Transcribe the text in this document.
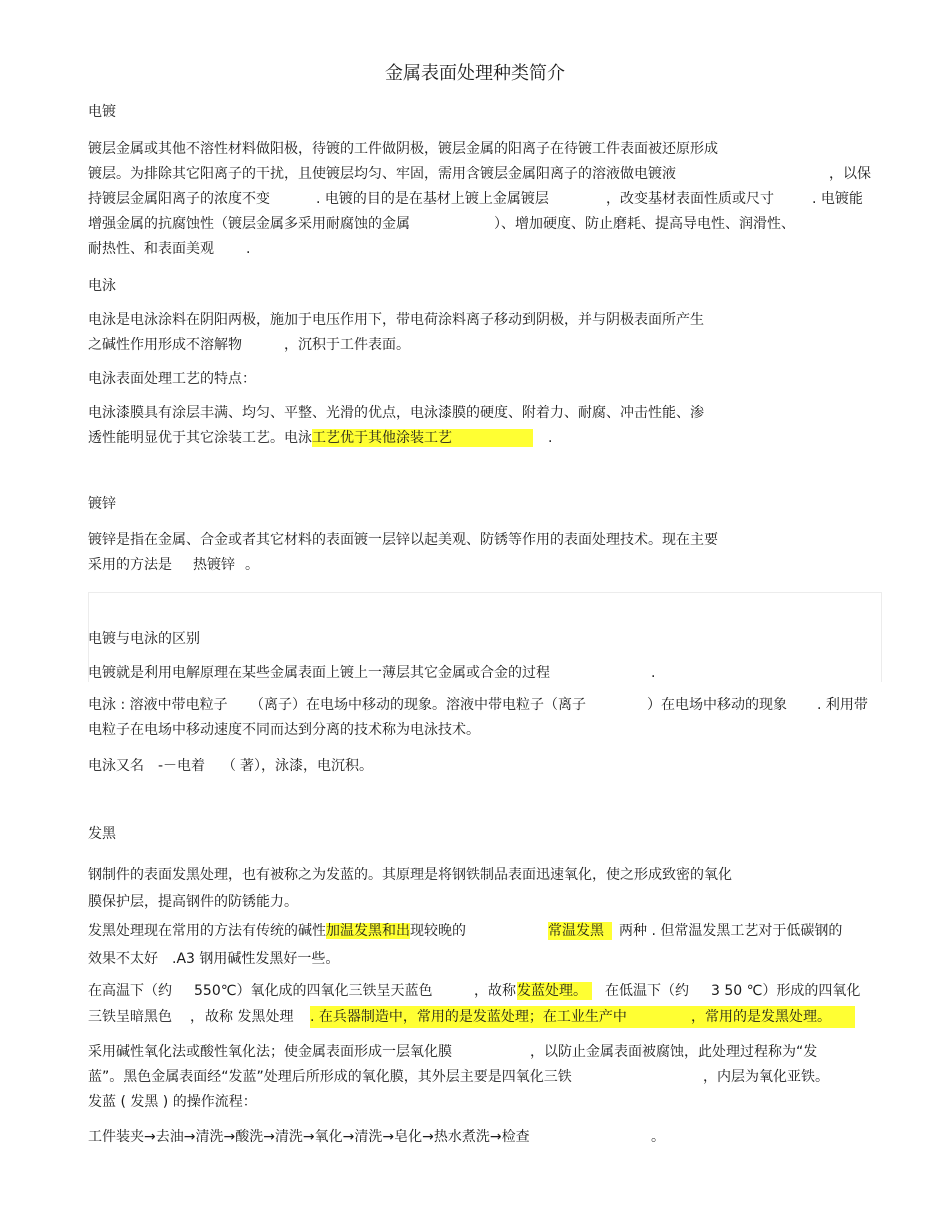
金属表面处理种类简介
电镀
镀层金属或其他不溶性材料做阳极，待镀的工件做阴极，镀层金属的阳离子在待镀工件表面被还原形成
镀层。为排除其它阳离子的干扰，且使镀层均匀、牢固，需用含镀层金属阳离子的溶液做电镀液	，以保
持镀层金属阳离子的浓度不变	. 电镀的目的是在基材上镀上金属镀层	，改变基材表面性质或尺寸	. 电镀能
增强金属的抗腐蚀性（镀层金属多采用耐腐蚀的金属	）、增加硬度、防止磨耗、提高导电性、润滑性、
耐热性、和表面美观 .
电泳
电泳是电泳涂料在阴阳两极，施加于电压作用下，带电荷涂料离子移动到阴极，并与阴极表面所产生
之碱性作用形成不溶解物	，沉积于工件表面。
电泳表面处理工艺的特点：
电泳漆膜具有涂层丰满、均匀、平整、光滑的优点，电泳漆膜的硬度、附着力、耐腐、冲击性能、渗
透性能明显优于其它涂装工艺。电泳工艺优于其他涂装工艺	.
镀锌
镀锌是指在金属、合金或者其它材料的表面镀一层锌以起美观、防锈等作用的表面处理技术。现在主要
采用的方法是 热镀锌 。
电镀与电泳的区别
电镀就是利用电解原理在某些金属表面上镀上一薄层其它金属或合金的过程	.
电泳 : 溶液中带电粒子 （离子）在电场中移动的现象。溶液中带电粒子（离子	）在电场中移动的现象 . 利用带
电粒子在电场中移动速度不同而达到分离的技术称为电泳技术。
电泳又名 -－电着 （ 著），泳漆，电沉积。
发黑
钢制件的表面发黑处理，也有被称之为发蓝的。其原理是将钢铁制品表面迅速氧化，使之形成致密的氧化
膜保护层，提高钢件的防锈能力。
发黑处理现在常用的方法有传统的碱性加温发黑和出现较晚的	常温发黑	两种 . 但常温发黑工艺对于低碳钢的
效果不太好 .A3 钢用碱性发黑好一些。
在高温下（约 550℃）氧化成的四氧化三铁呈天蓝色	，故称 发蓝处理。	在低温下（约 3 50 ℃）形成的四氧化
三铁呈暗黑色 ， 故称 发黑处理 . 在兵器制造中，常用的是发蓝处理；在工业生产中	，常用的是发黑处理。
采用碱性氧化法或酸性氧化法；使金属表面形成一层氧化膜	，以防止金属表面被腐蚀，此处理过程称为“发
蓝”。黑色金属表面经“发蓝”处理后所形成的氧化膜，其外层主要是四氧化三铁	，内层为氧化亚铁。
发蓝 ( 发黑 ) 的操作流程：
工件装夹→去油→清洗→酸洗→清洗→氧化→清洗→皂化→热水煮洗→检查	。
